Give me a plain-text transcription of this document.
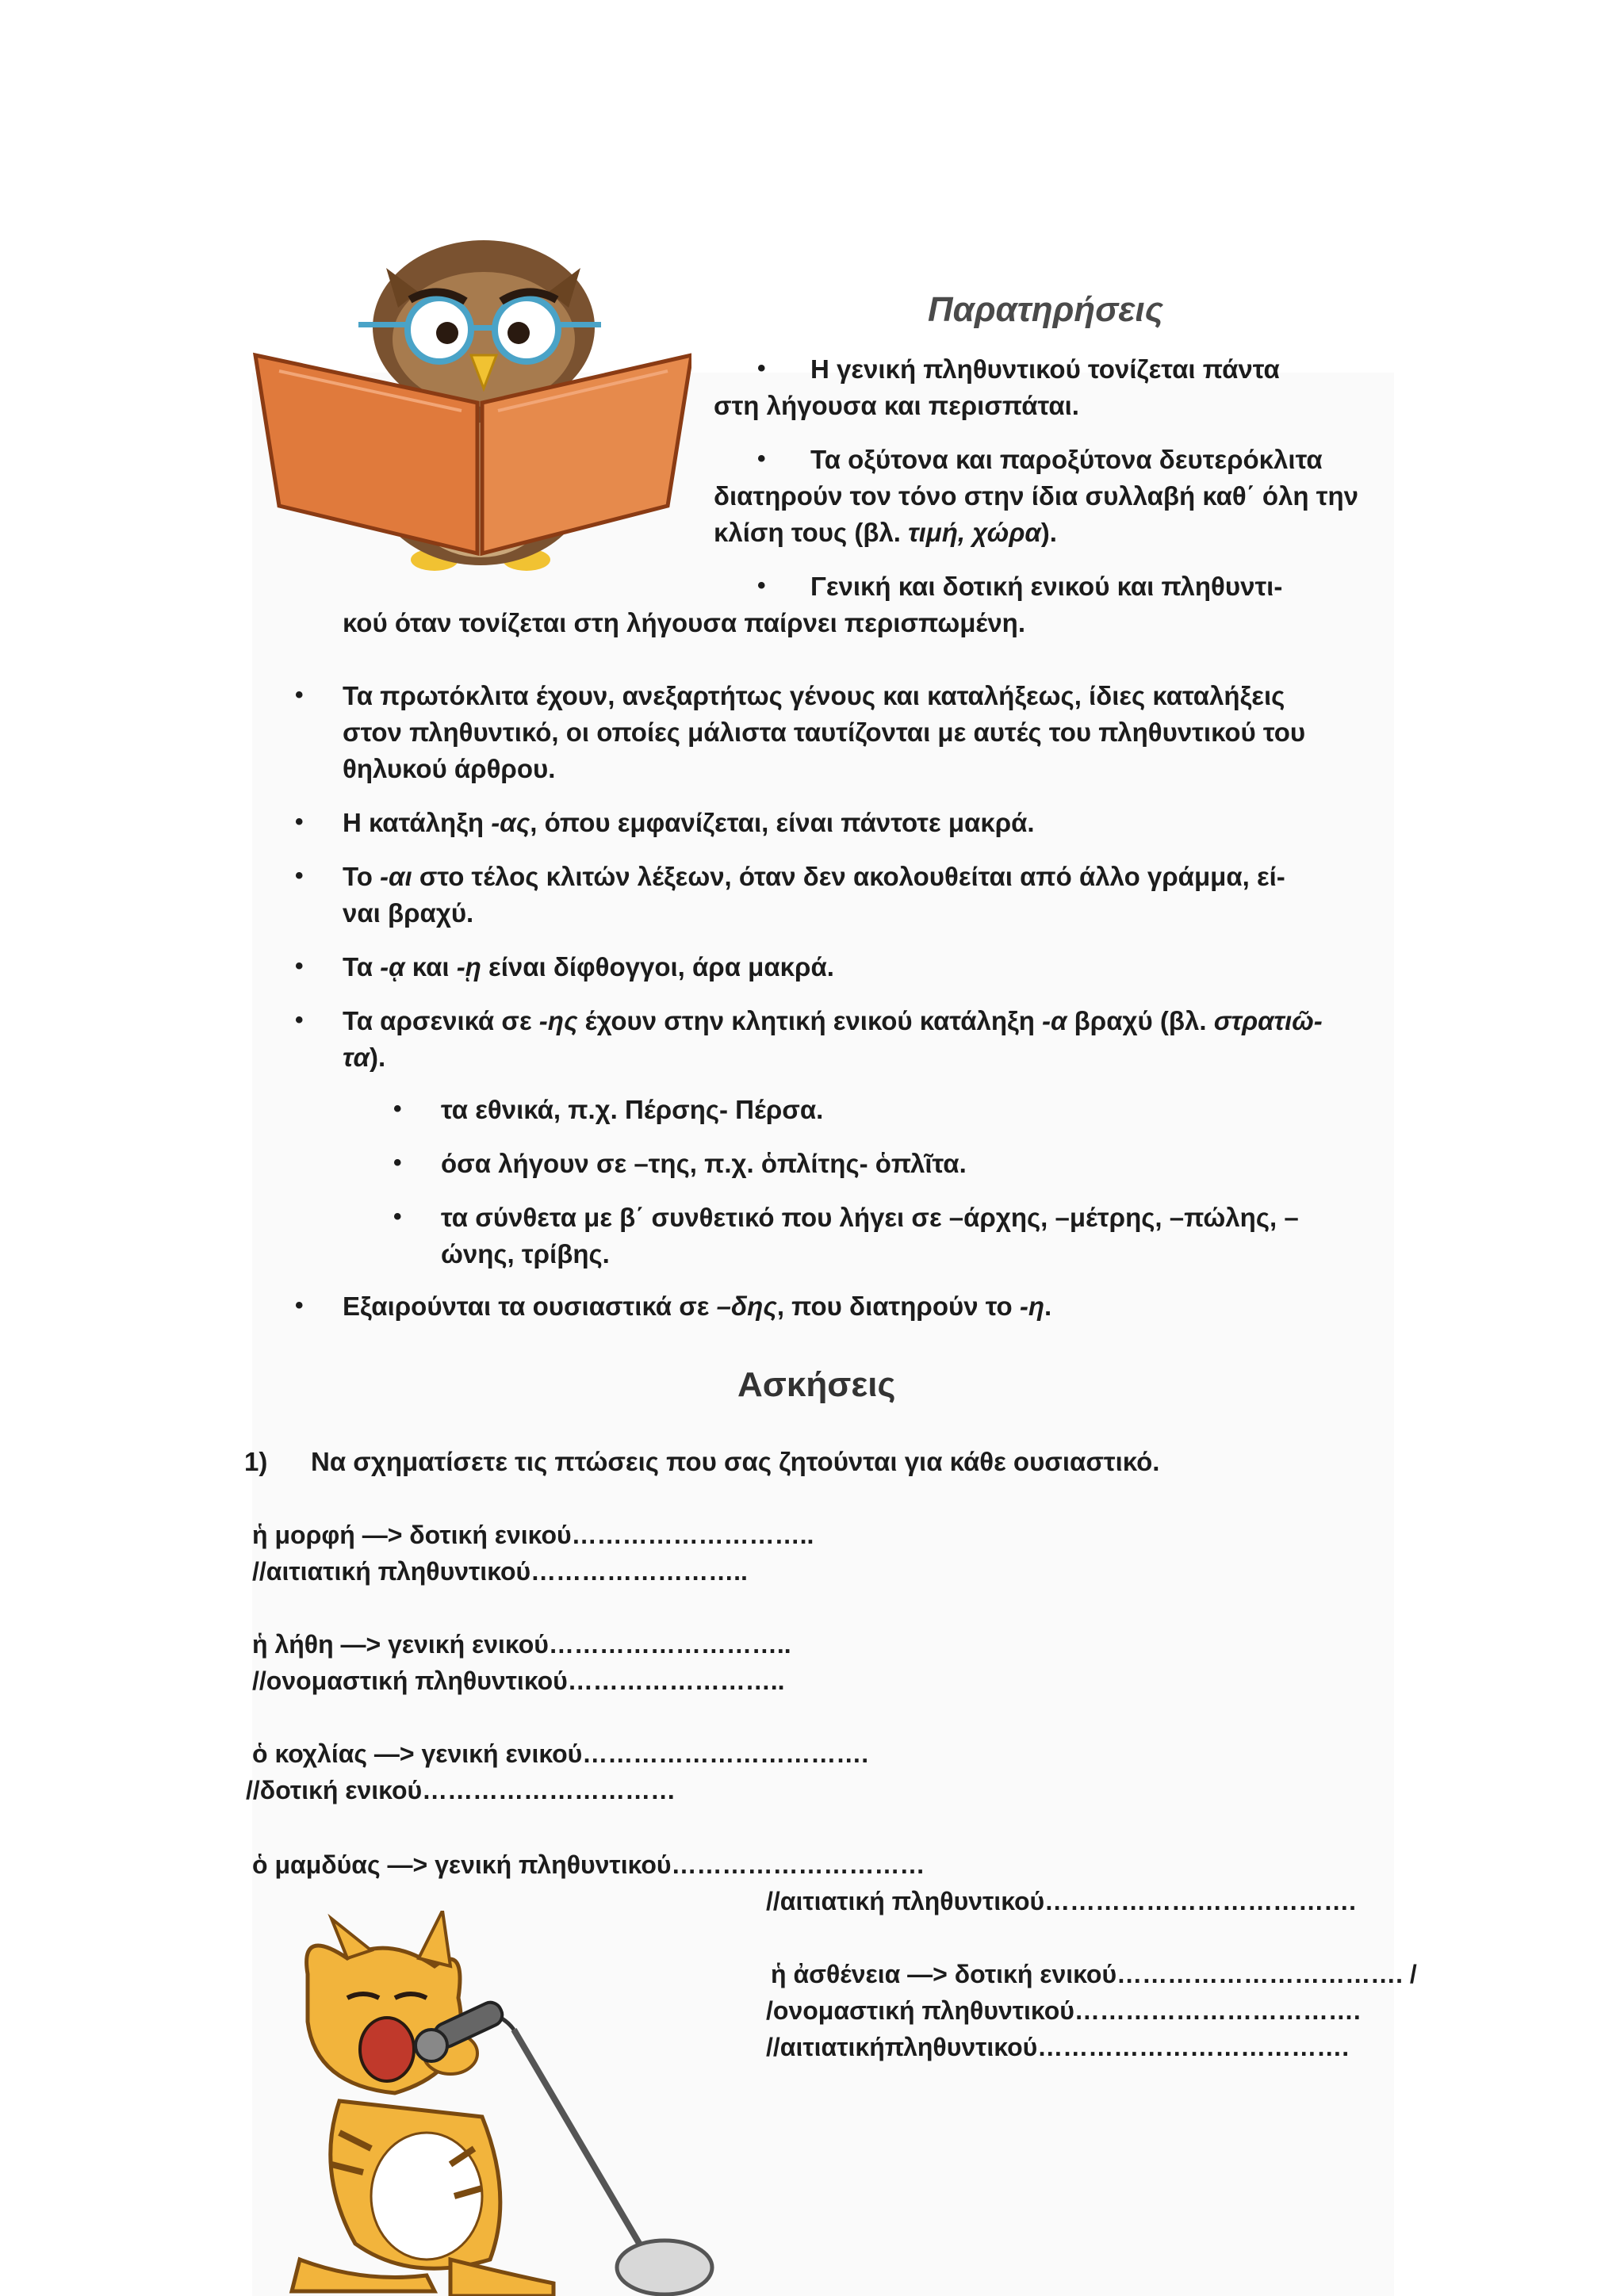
Παρατηρήσεις
• Η γενική πληθυντικού τονίζεται πάντα
στη λήγουσα και περισπάται.
• Τα οξύτονα και παροξύτονα δευτερόκλιτα
διατηρούν τον τόνο στην ίδια συλλαβή καθ΄ όλη την
κλίση τους (βλ. τιμή, χώρα).
• Γενική και δοτική ενικού και πληθυντι-
κού όταν τονίζεται στη λήγουσα παίρνει περισπωμένη.
• Τα πρωτόκλιτα έχουν, ανεξαρτήτως γένους και καταλήξεως, ίδιες καταλήξεις
στον πληθυντικό, οι οποίες μάλιστα ταυτίζονται με αυτές του πληθυντικού του
θηλυκού άρθρου.
• Η κατάληξη -ας, όπου εμφανίζεται, είναι πάντοτε μακρά.
• Το -αι στο τέλος κλιτών λέξεων, όταν δεν ακολουθείται από άλλο γράμμα, εί-
ναι βραχύ.
• Τα -ᾳ και -ῃ είναι δίφθογγοι, άρα μακρά.
• Τα αρσενικά σε -ης έχουν στην κλητική ενικού κατάληξη -α βραχύ (βλ. στρατιῶ-
τα).
• τα εθνικά, π.χ. Πέρσης- Πέρσα.
• όσα λήγουν σε –της, π.χ. ὁπλίτης- ὁπλῖτα.
• τα σύνθετα με β΄ συνθετικό που λήγει σε –άρχης, –μέτρης, –πώλης, –
ώνης, τρίβης.
• Εξαιρούνται τα ουσιαστικά σε –δης, που διατηρούν το -η.
Ασκήσεις
1) Να σχηματίσετε τις πτώσεις που σας ζητούνται για κάθε ουσιαστικό.
ἡ μορφή —> δοτική ενικού………………………..
//αιτιατική πληθυντικού……………………..
ἡ λήθη —> γενική ενικού………………………..
//ονομαστική πληθυντικού……………………..
ὁ κοχλίας —> γενική ενικού…………………………….
//δοτική ενικού…………………………
ὁ μαμδύας —> γενική πληθυντικού…………………………
//αιτιατική πληθυντικού……………………………….
ἡ ἀσθένεια —> δοτική ενικού……………………………. /
/ονομαστική πληθυντικού…………………………….
//αιτιατικήπληθυντικού……………………………….
